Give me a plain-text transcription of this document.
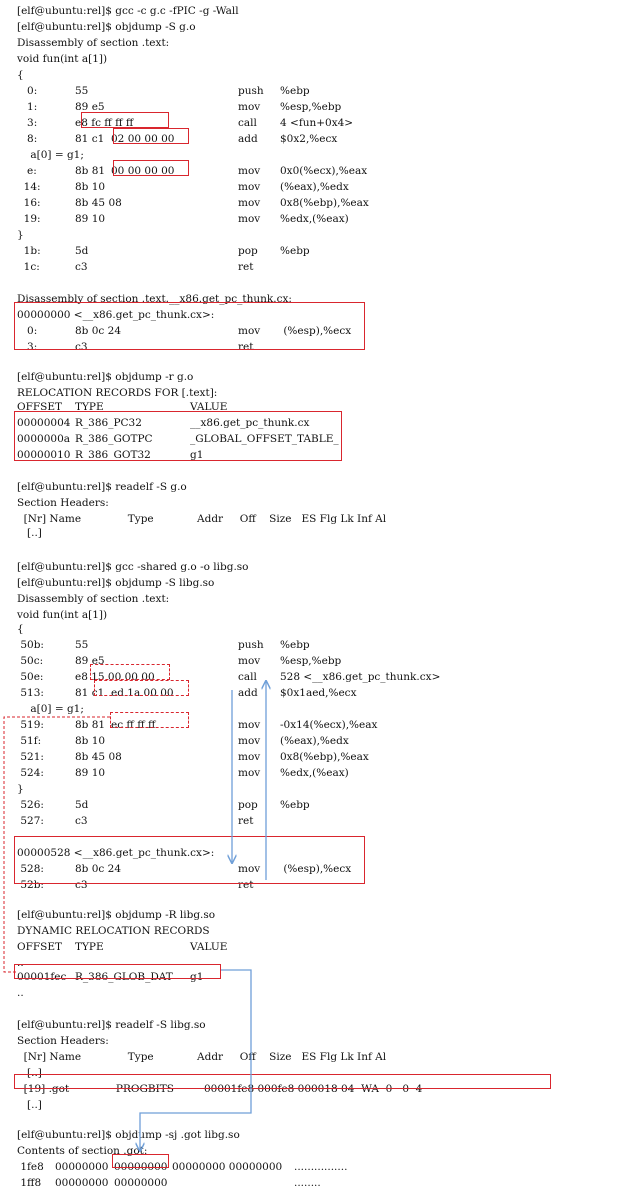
[elf@ubuntu:rel]$ gcc -c g.c -fPIC -g -Wall
[elf@ubuntu:rel]$ objdump -S g.o
Disassembly of section .text:
void fun(int a[1])
{
0:	55	push %ebp
1:	89 e5	mov %esp,%ebp
3:	e8 fc ff ff ff	call 4 <fun+0x4>
8:	81 c1 02 00 00 00	add $0x2,%ecx
a[0] = g1;
e:	8b 81 00 00 00 00	mov 0x0(%ecx),%eax
14:	8b 10	mov (%eax),%edx
16:	8b 45 08	mov 0x8(%ebp),%eax
19:	89 10	mov %edx,(%eax)
}
1b:	5d	pop %ebp
1c:	c3	ret
Disassembly of section .text.__x86.get_pc_thunk.cx:
00000000 <__x86.get_pc_thunk.cx>:
0:	8b 0c 24	mov (%esp),%ecx
3:	c3	ret
[elf@ubuntu:rel]$ objdump -r g.o
RELOCATION RECORDS FOR [.text]:
OFFSET TYPE	VALUE
00000004 R_386_PC32	__x86.get_pc_thunk.cx
0000000a R_386_GOTPC	_GLOBAL_OFFSET_TABLE_
00000010 R_386_GOT32	g1
[elf@ubuntu:rel]$ readelf -S g.o
Section Headers:
[Nr] Name              Type             Addr     Off    Size   ES Flg Lk Inf Al
[..]
[elf@ubuntu:rel]$ gcc -shared g.o -o libg.so
[elf@ubuntu:rel]$ objdump -S libg.so
Disassembly of section .text:
void fun(int a[1])
{
50b:	55	push %ebp
50c:	89 e5	mov %esp,%ebp
50e:	e8 15 00 00 00	call 528 <__x86.get_pc_thunk.cx>
513:	81 c1 ed 1a 00 00	add $0x1aed,%ecx
a[0] = g1;
519:	8b 81 ec ff ff ff	mov -0x14(%ecx),%eax
51f:	8b 10	mov (%eax),%edx
521:	8b 45 08	mov 0x8(%ebp),%eax
524:	89 10	mov %edx,(%eax)
}
526:	5d	pop %ebp
527:	c3	ret
00000528 <__x86.get_pc_thunk.cx>:
528:	8b 0c 24	mov (%esp),%ecx
52b:	c3	ret
[elf@ubuntu:rel]$ objdump -R libg.so
DYNAMIC RELOCATION RECORDS
OFFSET TYPE	VALUE
..
00001fec R_386_GLOB_DAT g1
..
[elf@ubuntu:rel]$ readelf -S libg.so
Section Headers:
[Nr] Name              Type             Addr     Off    Size   ES Flg Lk Inf Al
[..]
[19] .got              PROGBITS         00001fe8 000fe8 000018 04  WA  0   0  4
[..]
[elf@ubuntu:rel]$ objdump -sj .got libg.so
Contents of section .got:
1fe8 00000000 00000000 00000000 00000000 ................
1ff8 00000000 00000000	........
